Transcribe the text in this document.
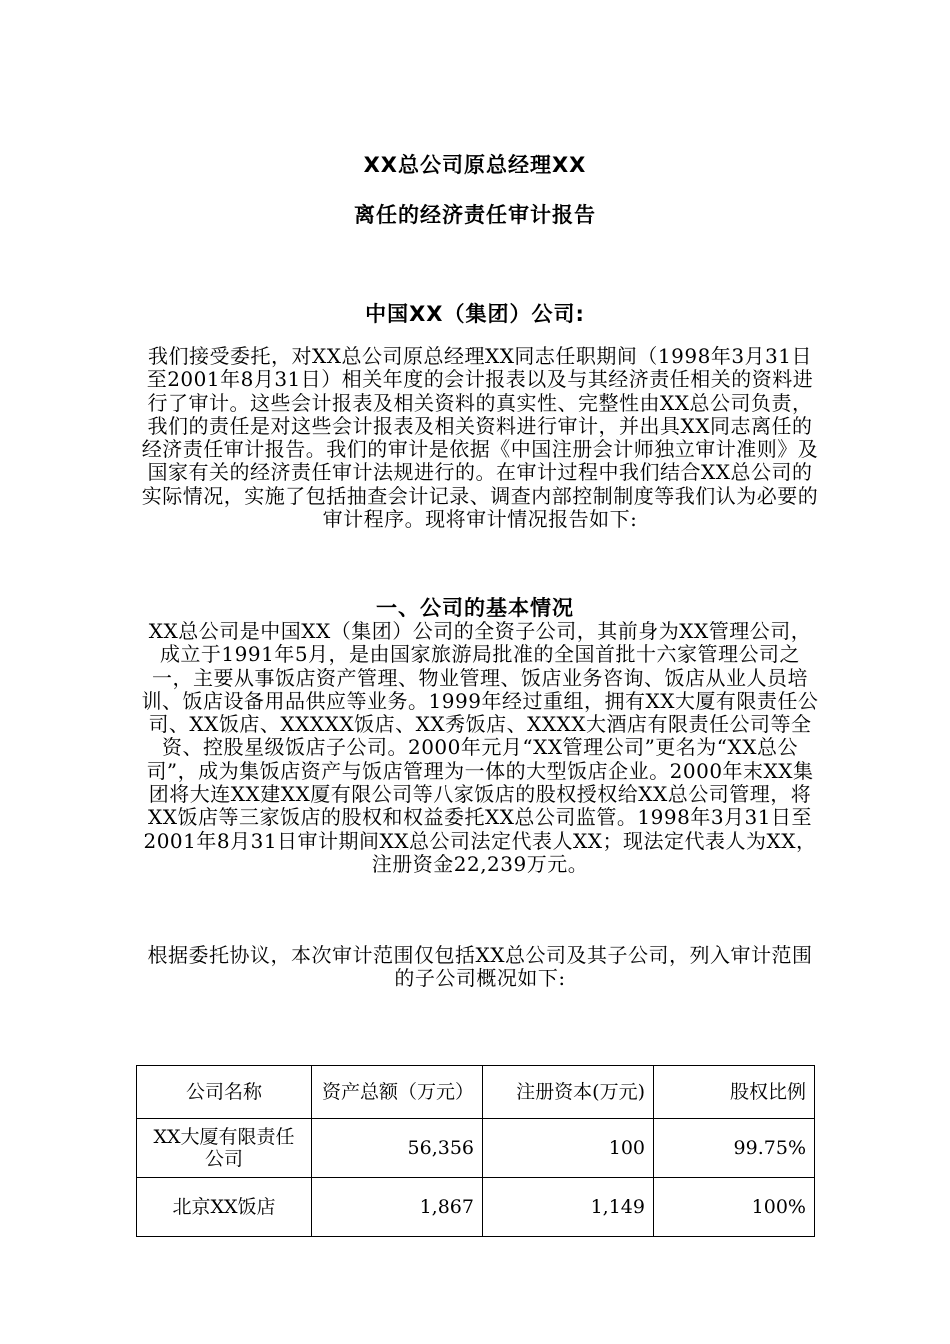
XX总公司原总经理XX
离任的经济责任审计报告
中国XX（集团）公司:
我们接受委托，对XX总公司原总经理XX同志任职期间（1998年3月31日至2001年8月31日）相关年度的会计报表以及与其经济责任相关的资料进行了审计。这些会计报表及相关资料的真实性、完整性由XX总公司负责，我们的责任是对这些会计报表及相关资料进行审计，并出具XX同志离任的经济责任审计报告。我们的审计是依据《中国注册会计师独立审计准则》及国家有关的经济责任审计法规进行的。在审计过程中我们结合XX总公司的实际情况，实施了包括抽查会计记录、调查内部控制制度等我们认为必要的审计程序。现将审计情况报告如下:
一、公司的基本情况
XX总公司是中国XX（集团）公司的全资子公司，其前身为XX管理公司，成立于1991年5月，是由国家旅游局批准的全国首批十六家管理公司之一，主要从事饭店资产管理、物业管理、饭店业务咨询、饭店从业人员培训、饭店设备用品供应等业务。1999年经过重组，拥有XX大厦有限责任公司、XX饭店、XXXXX饭店、XX秀饭店、XXXX大酒店有限责任公司等全资、控股星级饭店子公司。2000年元月“XX管理公司”更名为“XX总公司”，成为集饭店资产与饭店管理为一体的大型饭店企业。2000年末XX集团将大连XX建XX厦有限公司等八家饭店的股权授权给XX总公司管理，将XX饭店等三家饭店的股权和权益委托XX总公司监管。1998年3月31日至2001年8月31日审计期间XX总公司法定代表人XX；现法定代表人为XX，注册资金22,239万元。
根据委托协议，本次审计范围仅包括XX总公司及其子公司，列入审计范围的子公司概况如下:
公司名称	资产总额（万元）	注册资本(万元)	股权比例
XX大厦有限责任公司	56,356	100	99.75%
北京XX饭店	1,867	1,149	100%
